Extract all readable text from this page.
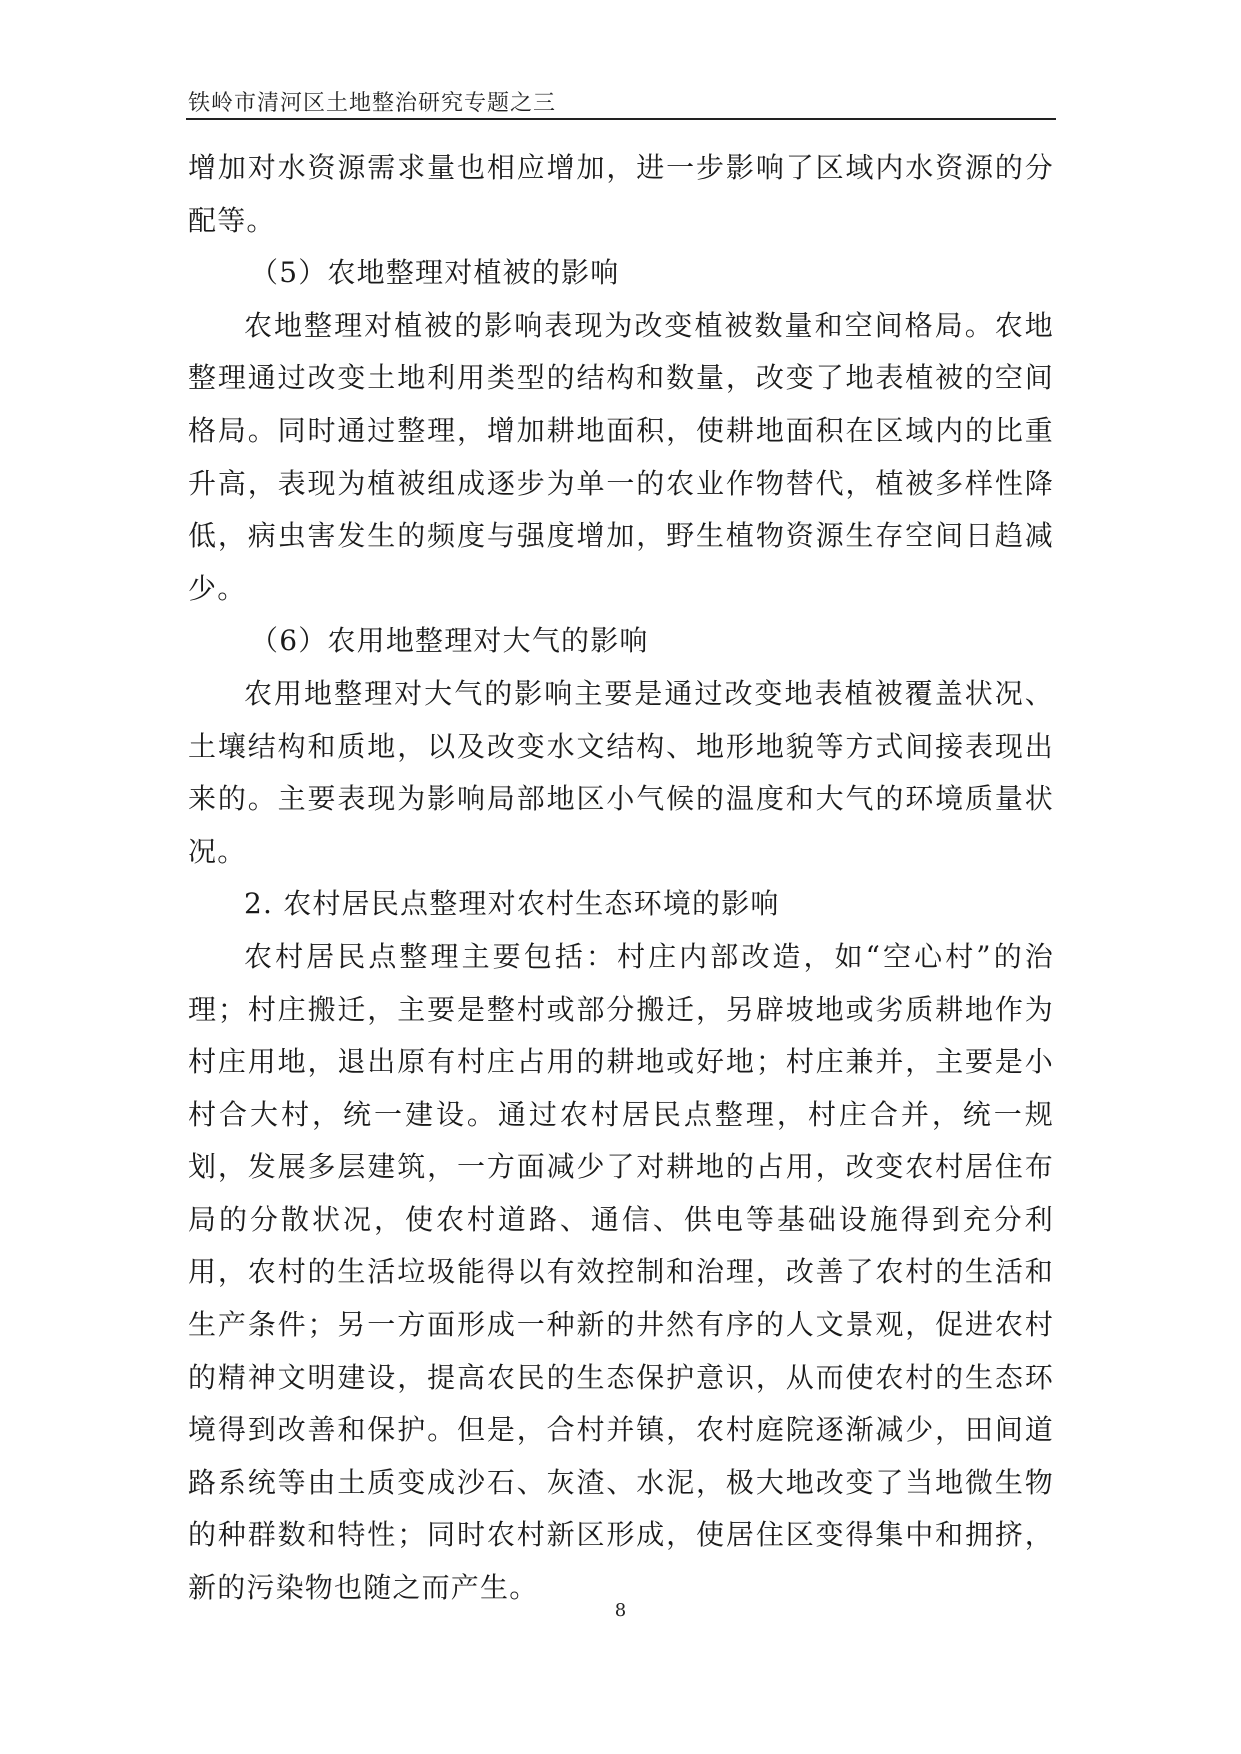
铁岭市清河区土地整治研究专题之三

增加对水资源需求量也相应增加，进一步影响了区域内水资源的分配等。

（5）农地整理对植被的影响

农地整理对植被的影响表现为改变植被数量和空间格局。农地整理通过改变土地利用类型的结构和数量，改变了地表植被的空间格局。同时通过整理，增加耕地面积，使耕地面积在区域内的比重升高，表现为植被组成逐步为单一的农业作物替代，植被多样性降低，病虫害发生的频度与强度增加，野生植物资源生存空间日趋减少。

（6）农用地整理对大气的影响

农用地整理对大气的影响主要是通过改变地表植被覆盖状况、土壤结构和质地，以及改变水文结构、地形地貌等方式间接表现出来的。主要表现为影响局部地区小气候的温度和大气的环境质量状况。

2. 农村居民点整理对农村生态环境的影响

农村居民点整理主要包括：村庄内部改造，如“空心村”的治理；村庄搬迁，主要是整村或部分搬迁，另辟坡地或劣质耕地作为村庄用地，退出原有村庄占用的耕地或好地；村庄兼并，主要是小村合大村，统一建设。通过农村居民点整理，村庄合并，统一规划，发展多层建筑，一方面减少了对耕地的占用，改变农村居住布局的分散状况，使农村道路、通信、供电等基础设施得到充分利用，农村的生活垃圾能得以有效控制和治理，改善了农村的生活和生产条件；另一方面形成一种新的井然有序的人文景观，促进农村的精神文明建设，提高农民的生态保护意识，从而使农村的生态环境得到改善和保护。但是，合村并镇，农村庭院逐渐减少，田间道路系统等由土质变成沙石、灰渣、水泥，极大地改变了当地微生物的种群数和特性；同时农村新区形成，使居住区变得集中和拥挤，新的污染物也随之而产生。

8
